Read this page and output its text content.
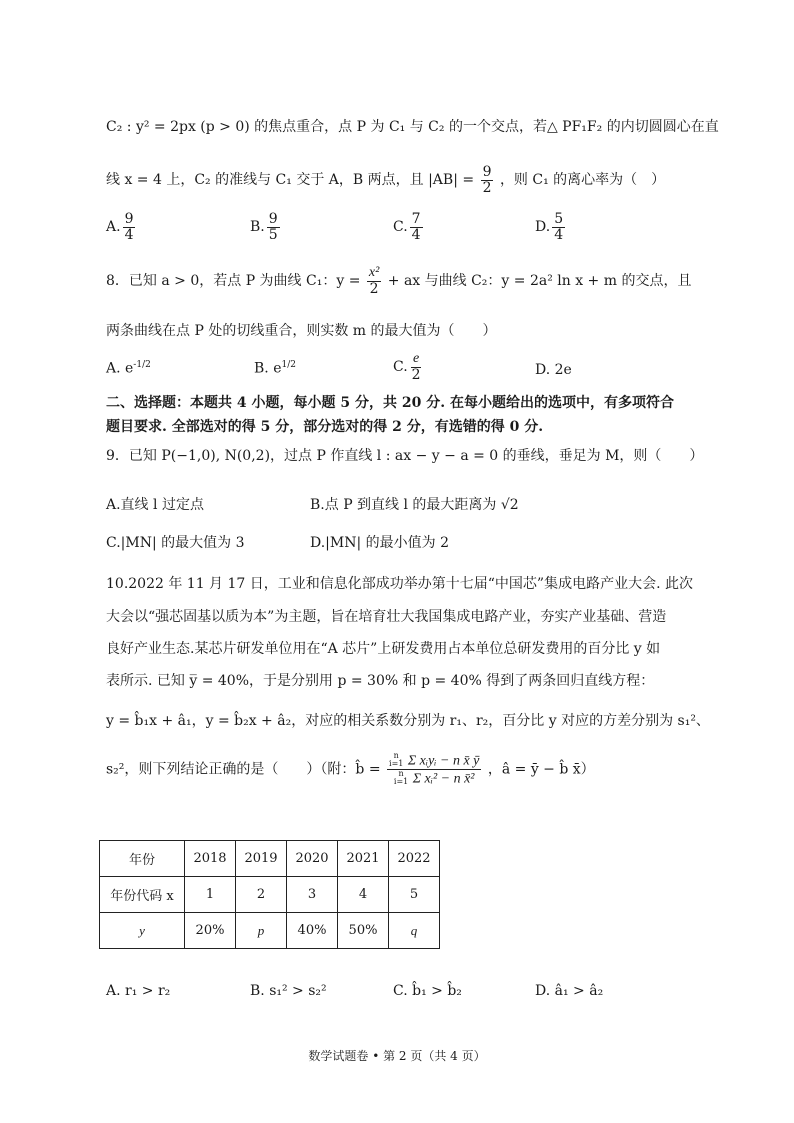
C₂ : y² = 2px (p > 0) 的焦点重合，点 P 为 C₁ 与 C₂ 的一个交点，若△ PF₁F₂ 的内切圆圆心在直
线 x = 4 上，C₂ 的准线与 C₁ 交于 A，B 两点，且 $|AB| = \frac{9}{2}$ ，则 C₁ 的离心率为（　）
A. $\frac{9}{4}$	B. $\frac{9}{5}$	C. $\frac{7}{4}$	D. $\frac{5}{4}$
8．已知 a > 0，若点 P 为曲线 C₁：$y = \frac{\text{x²}}{2}$ + ax 与曲线 C₂：y = 2a² ln x + m 的交点，且
两条曲线在点 P 处的切线重合，则实数 m 的最大值为（　　）
A. $e^{-1/2}$	B. $e^{1/2}$	C. $\frac{e}{2}$	D. 2e
二、选择题：本题共 4 小题，每小题 5 分，共 20 分. 在每小题给出的选项中，有多项符合
题目要求. 全部选对的得 5 分，部分选对的得 2 分，有选错的得 0 分.
9．已知 P(−1,0), N(0,2)，过点 P 作直线 l : ax − y − a = 0 的垂线，垂足为 M，则（　　）
A.直线 l 过定点	B.点 P 到直线 l 的最大距离为 √2
C.|MN| 的最大值为 3	D.|MN| 的最小值为 2
10.2022 年 11 月 17 日，工业和信息化部成功举办第十七届“中国芯”集成电路产业大会. 此次
大会以“强芯固基以质为本”为主题，旨在培育壮大我国集成电路产业，夯实产业基础、营造
良好产业生态.某芯片研发单位用在“A 芯片”上研发费用占本单位总研发费用的百分比 y 如
表所示. 已知 y̅ = 40%，于是分别用 p = 30% 和 p = 40% 得到了两条回归直线方程：
y = b̂₁x + â₁，y = b̂₂x + â₂，对应的相关系数分别为 r₁、r₂，百分比 y 对应的方差分别为 s₁²、
s₂²，则下列结论正确的是（　　）（附：b̂ = n
i=1 Σ xᵢyᵢ − n x̄ ȳ
n
i=1 Σ xᵢ² − n x̄² ，â = ȳ − b̂ x̄）
年份	2018	2019	2020	2021	2022
年份代码 x	1	2	3	4	5
y	20%	p	40%	50%	q
A. r₁ > r₂	B. s₁² > s₂²	C. b̂₁ > b̂₂	D. â₁ > â₂
数学试题卷 • 第 2 页（共 4 页）
